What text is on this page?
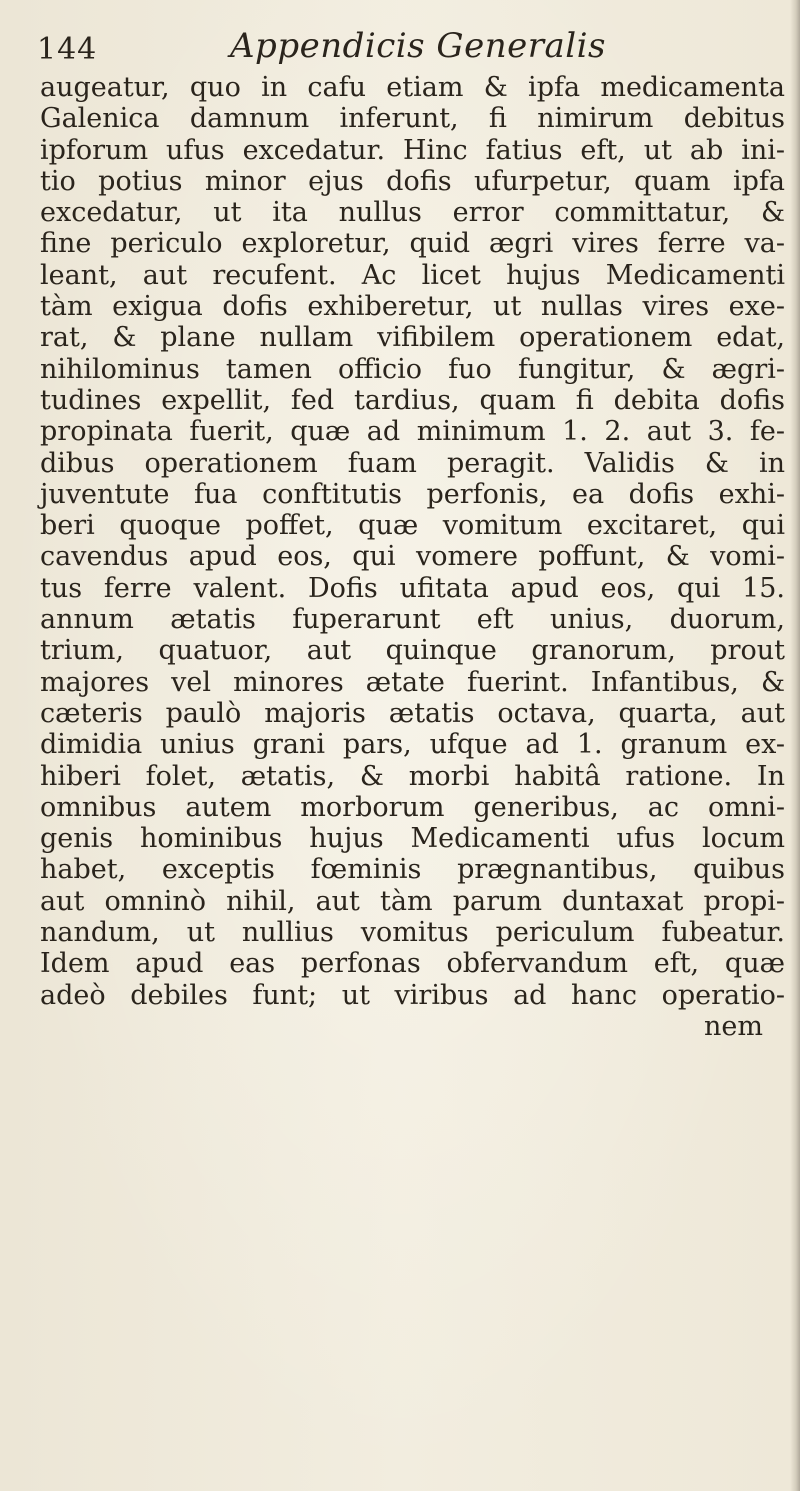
144	Appendicis Generalis
augeatur, quo in cafu etiam & ipfa medicamenta
Galenica damnum inferunt, fi nimirum debitus
ipforum ufus excedatur. Hinc fatius eft, ut ab ini-
tio potius minor ejus dofis ufurpetur, quam ipfa
excedatur, ut ita nullus error committatur, &
fine periculo exploretur, quid ægri vires ferre va-
leant, aut recufent. Ac licet hujus Medicamenti
tàm exigua dofis exhiberetur, ut nullas vires exe-
rat, & plane nullam vifibilem operationem edat,
nihilominus tamen officio fuo fungitur, & ægri-
tudines expellit, fed tardius, quam fi debita dofis
propinata fuerit, quæ ad minimum 1. 2. aut 3. fe-
dibus operationem fuam peragit. Validis & in
juventute fua conftitutis perfonis, ea dofis exhi-
beri quoque poffet, quæ vomitum excitaret, qui
cavendus apud eos, qui vomere poffunt, & vomi-
tus ferre valent. Dofis ufitata apud eos, qui 15.
annum ætatis fuperarunt eft unius, duorum,
trium, quatuor, aut quinque granorum, prout
majores vel minores ætate fuerint. Infantibus, &
cæteris paulò majoris ætatis octava, quarta, aut
dimidia unius grani pars, ufque ad 1. granum ex-
hiberi folet, ætatis, & morbi habitâ ratione. In
omnibus autem morborum generibus, ac omni-
genis hominibus hujus Medicamenti ufus locum
habet, exceptis fœminis prægnantibus, quibus
aut omninò nihil, aut tàm parum duntaxat propi-
nandum, ut nullius vomitus periculum fubeatur.
Idem apud eas perfonas obfervandum eft, quæ
adeò debiles funt; ut viribus ad hanc operatio-
nem
